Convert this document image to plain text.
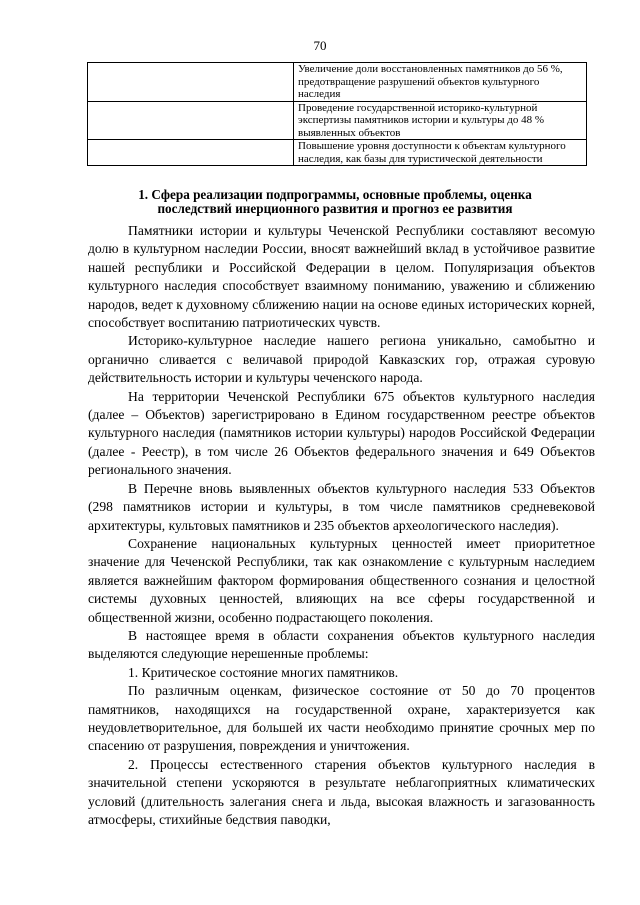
70
	Увеличение доли восстановленных памятников до 56 %, предотвращение разрушений объектов культурного наследия
	Проведение государственной историко-культурной экспертизы памятников истории и культуры до 48 % выявленных объектов
	Повышение уровня доступности к объектам культурного наследия, как базы для туристической деятельности
1. Сфера реализации подпрограммы, основные проблемы, оценка
последствий инерционного развития и прогноз ее развития

Памятники истории и культуры Чеченской Республики составляют весомую долю в культурном наследии России, вносят важнейший вклад в устойчивое развитие нашей республики и Российской Федерации в целом. Популяризация объектов культурного наследия способствует взаимному пониманию, уважению и сближению народов, ведет к духовному сближению нации на основе единых исторических корней, способствует воспитанию патриотических чувств.

Историко-культурное наследие нашего региона уникально, самобытно и органично сливается с величавой природой Кавказских гор, отражая суровую действительность истории и культуры чеченского народа.

На территории Чеченской Республики 675 объектов культурного наследия (далее – Объектов) зарегистрировано в Едином государственном реестре объектов культурного наследия (памятников истории культуры) народов Российской Федерации (далее - Реестр), в том числе 26 Объектов федерального значения и 649 Объектов регионального значения.

В Перечне вновь выявленных объектов культурного наследия 533 Объектов (298 памятников истории и культуры, в том числе памятников средневековой архитектуры, культовых памятников и 235 объектов археологического наследия).

Сохранение национальных культурных ценностей имеет приоритетное значение для Чеченской Республики, так как ознакомление с культурным наследием является важнейшим фактором формирования общественного сознания и целостной системы духовных ценностей, влияющих на все сферы государственной и общественной жизни, особенно подрастающего поколения.

В настоящее время в области сохранения объектов культурного наследия выделяются следующие нерешенные проблемы:

1. Критическое состояние многих памятников.

По различным оценкам, физическое состояние от 50 до 70 процентов памятников, находящихся на государственной охране, характеризуется как неудовлетворительное, для большей их части необходимо принятие срочных мер по спасению от разрушения, повреждения и уничтожения.

2. Процессы естественного старения объектов культурного наследия в значительной степени ускоряются в результате неблагоприятных климатических условий (длительность залегания снега и льда, высокая влажность и загазованность атмосферы, стихийные бедствия паводки,
